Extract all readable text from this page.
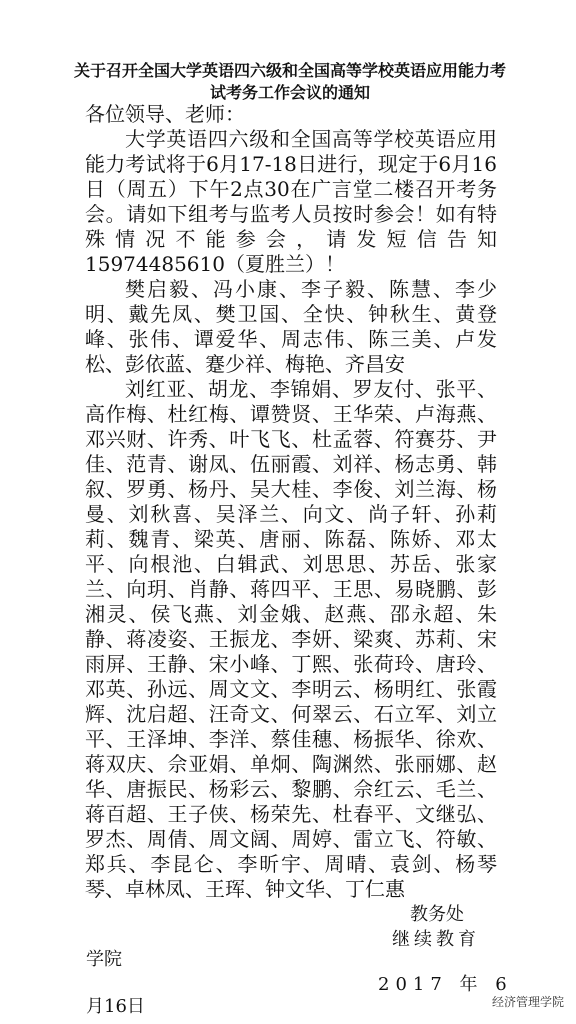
关于召开全国大学英语四六级和全国高等学校英语应用能力考试考务工作会议的通知

各位领导、老师：

大学英语四六级和全国高等学校英语应用能力考试将于6月17-18日进行，现定于6月16日（周五）下午2点30在广言堂二楼召开考务会。请如下组考与监考人员按时参会！如有特殊情况不能参会，请发短信告知15974485610（夏胜兰）！

樊启毅、冯小康、李子毅、陈慧、李少明、戴先凤、樊卫国、全快、钟秋生、黄登峰、张伟、谭爱华、周志伟、陈三美、卢发松、彭依蓝、蹇少祥、梅艳、齐昌安

刘红亚、胡龙、李锦娟、罗友付、张平、高作梅、杜红梅、谭赞贤、王华荣、卢海燕、邓兴财、许秀、叶飞飞、杜孟蓉、符赛芬、尹佳、范青、谢凤、伍丽霞、刘祥、杨志勇、韩叙、罗勇、杨丹、吴大桂、李俊、刘兰海、杨曼、刘秋喜、吴泽兰、向文、尚子轩、孙莉莉、魏青、梁英、唐丽、陈磊、陈娇、邓太平、向根池、白辑武、刘思思、苏岳、张家兰、向玥、肖静、蒋四平、王思、易晓鹏、彭湘灵、侯飞燕、刘金娥、赵燕、邵永超、朱静、蒋凌姿、王振龙、李妍、梁爽、苏莉、宋雨屏、王静、宋小峰、丁熙、张荷玲、唐玲、邓英、孙远、周文文、李明云、杨明红、张霞辉、沈启超、汪奇文、何翠云、石立军、刘立平、王泽坤、李洋、蔡佳穗、杨振华、徐欢、蒋双庆、佘亚娟、单炯、陶渊然、张丽娜、赵华、唐振民、杨彩云、黎鹏、佘红云、毛兰、蒋百超、王子侠、杨荣先、杜春平、文继弘、罗杰、周倩、周文阔、周婷、雷立飞、符敏、郑兵、李昆仑、李昕宇、周晴、袁剑、杨琴琴、卓林凤、王珲、钟文华、丁仁惠

教务处
继续教育
学院
2017 年 6
月16日	经济管理学院
